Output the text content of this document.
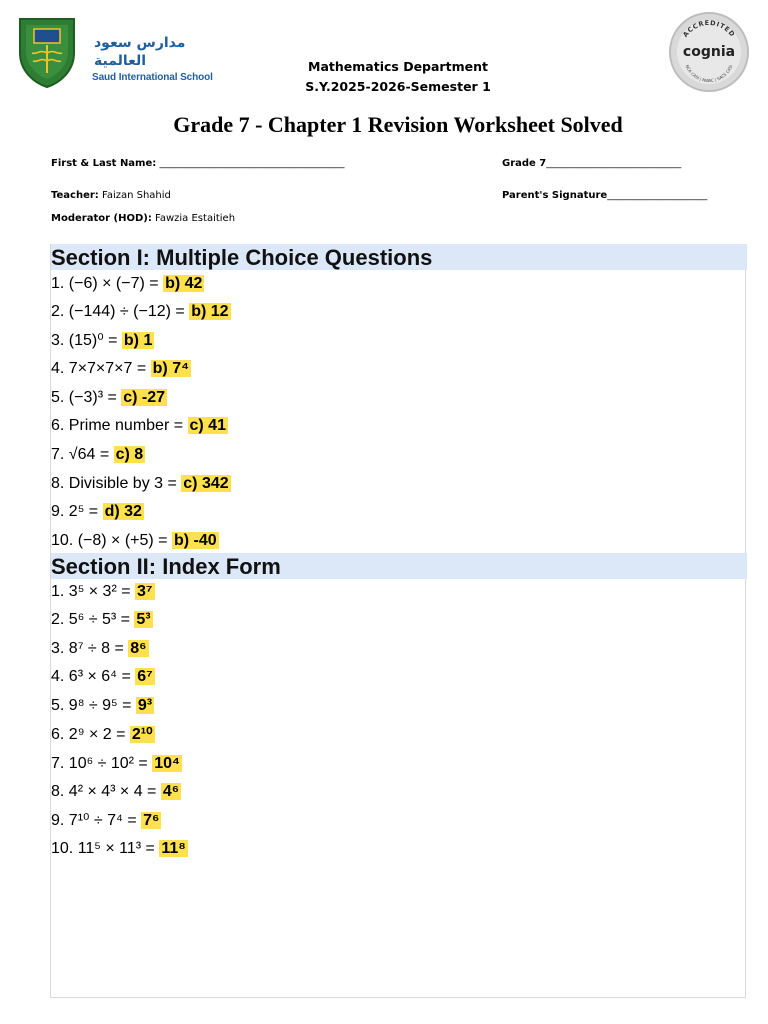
مدارس سعود العالمية
Saud International School
Mathematics Department
S.Y.2025-2026-Semester 1
ACCREDITED
cognia
NCA CASI | NWAC | SACS CASI
Grade 7 - Chapter 1 Revision Worksheet Solved
First & Last Name: _____________________________________	Grade 7___________________________
Teacher: Faizan Shahid	Parent's Signature____________________
Moderator (HOD): Fawzia Estaitieh
Section I: Multiple Choice Questions
1. (−6) × (−7) = b) 42
2. (−144) ÷ (−12) = b) 12
3. (15)⁰ = b) 1
4. 7×7×7×7 = b) 7⁴
5. (−3)³ = c) -27
6. Prime number = c) 41
7. √64 = c) 8
8. Divisible by 3 = c) 342
9. 2⁵ = d) 32
10. (−8) × (+5) = b) -40
Section II: Index Form
1. 3⁵ × 3² = 3⁷
2. 5⁶ ÷ 5³ = 5³
3. 8⁷ ÷ 8 = 8⁶
4. 6³ × 6⁴ = 6⁷
5. 9⁸ ÷ 9⁵ = 9³
6. 2⁹ × 2 = 2¹⁰
7. 10⁶ ÷ 10² = 10⁴
8. 4² × 4³ × 4 = 4⁶
9. 7¹⁰ ÷ 7⁴ = 7⁶
10. 11⁵ × 11³ = 11⁸
